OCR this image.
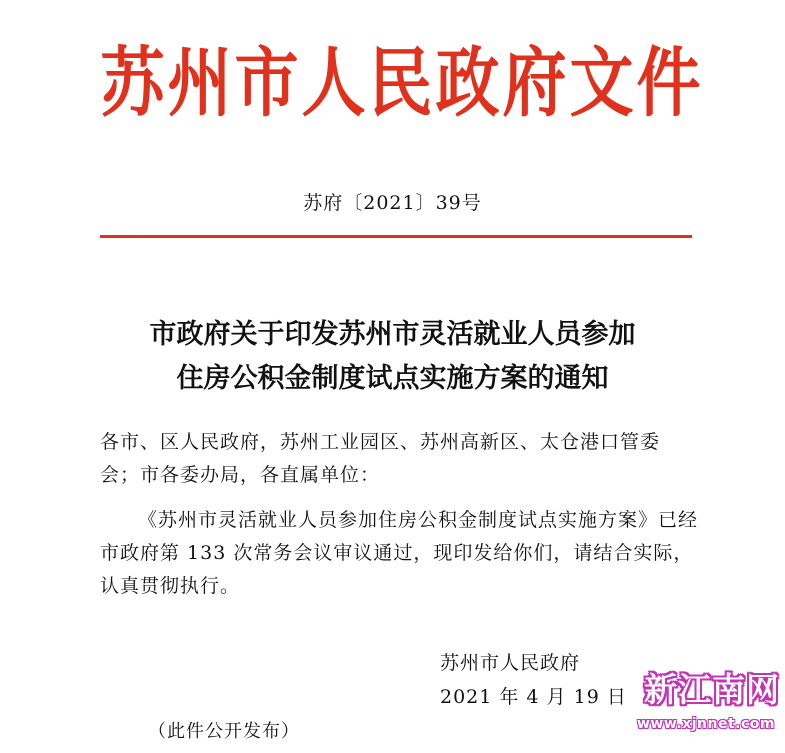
苏州市人民政府文件
苏府〔2021〕39号
市政府关于印发苏州市灵活就业人员参加
住房公积金制度试点实施方案的通知
各市、区人民政府，苏州工业园区、苏州高新区、太仓港口管委会；市各委办局，各直属单位：
《苏州市灵活就业人员参加住房公积金制度试点实施方案》已经市政府第 133 次常务会议审议通过，现印发给你们，请结合实际，认真贯彻执行。
苏州市人民政府
2021 年 4 月 19 日
（此件公开发布）
新江南网
www.xjnnet.com
